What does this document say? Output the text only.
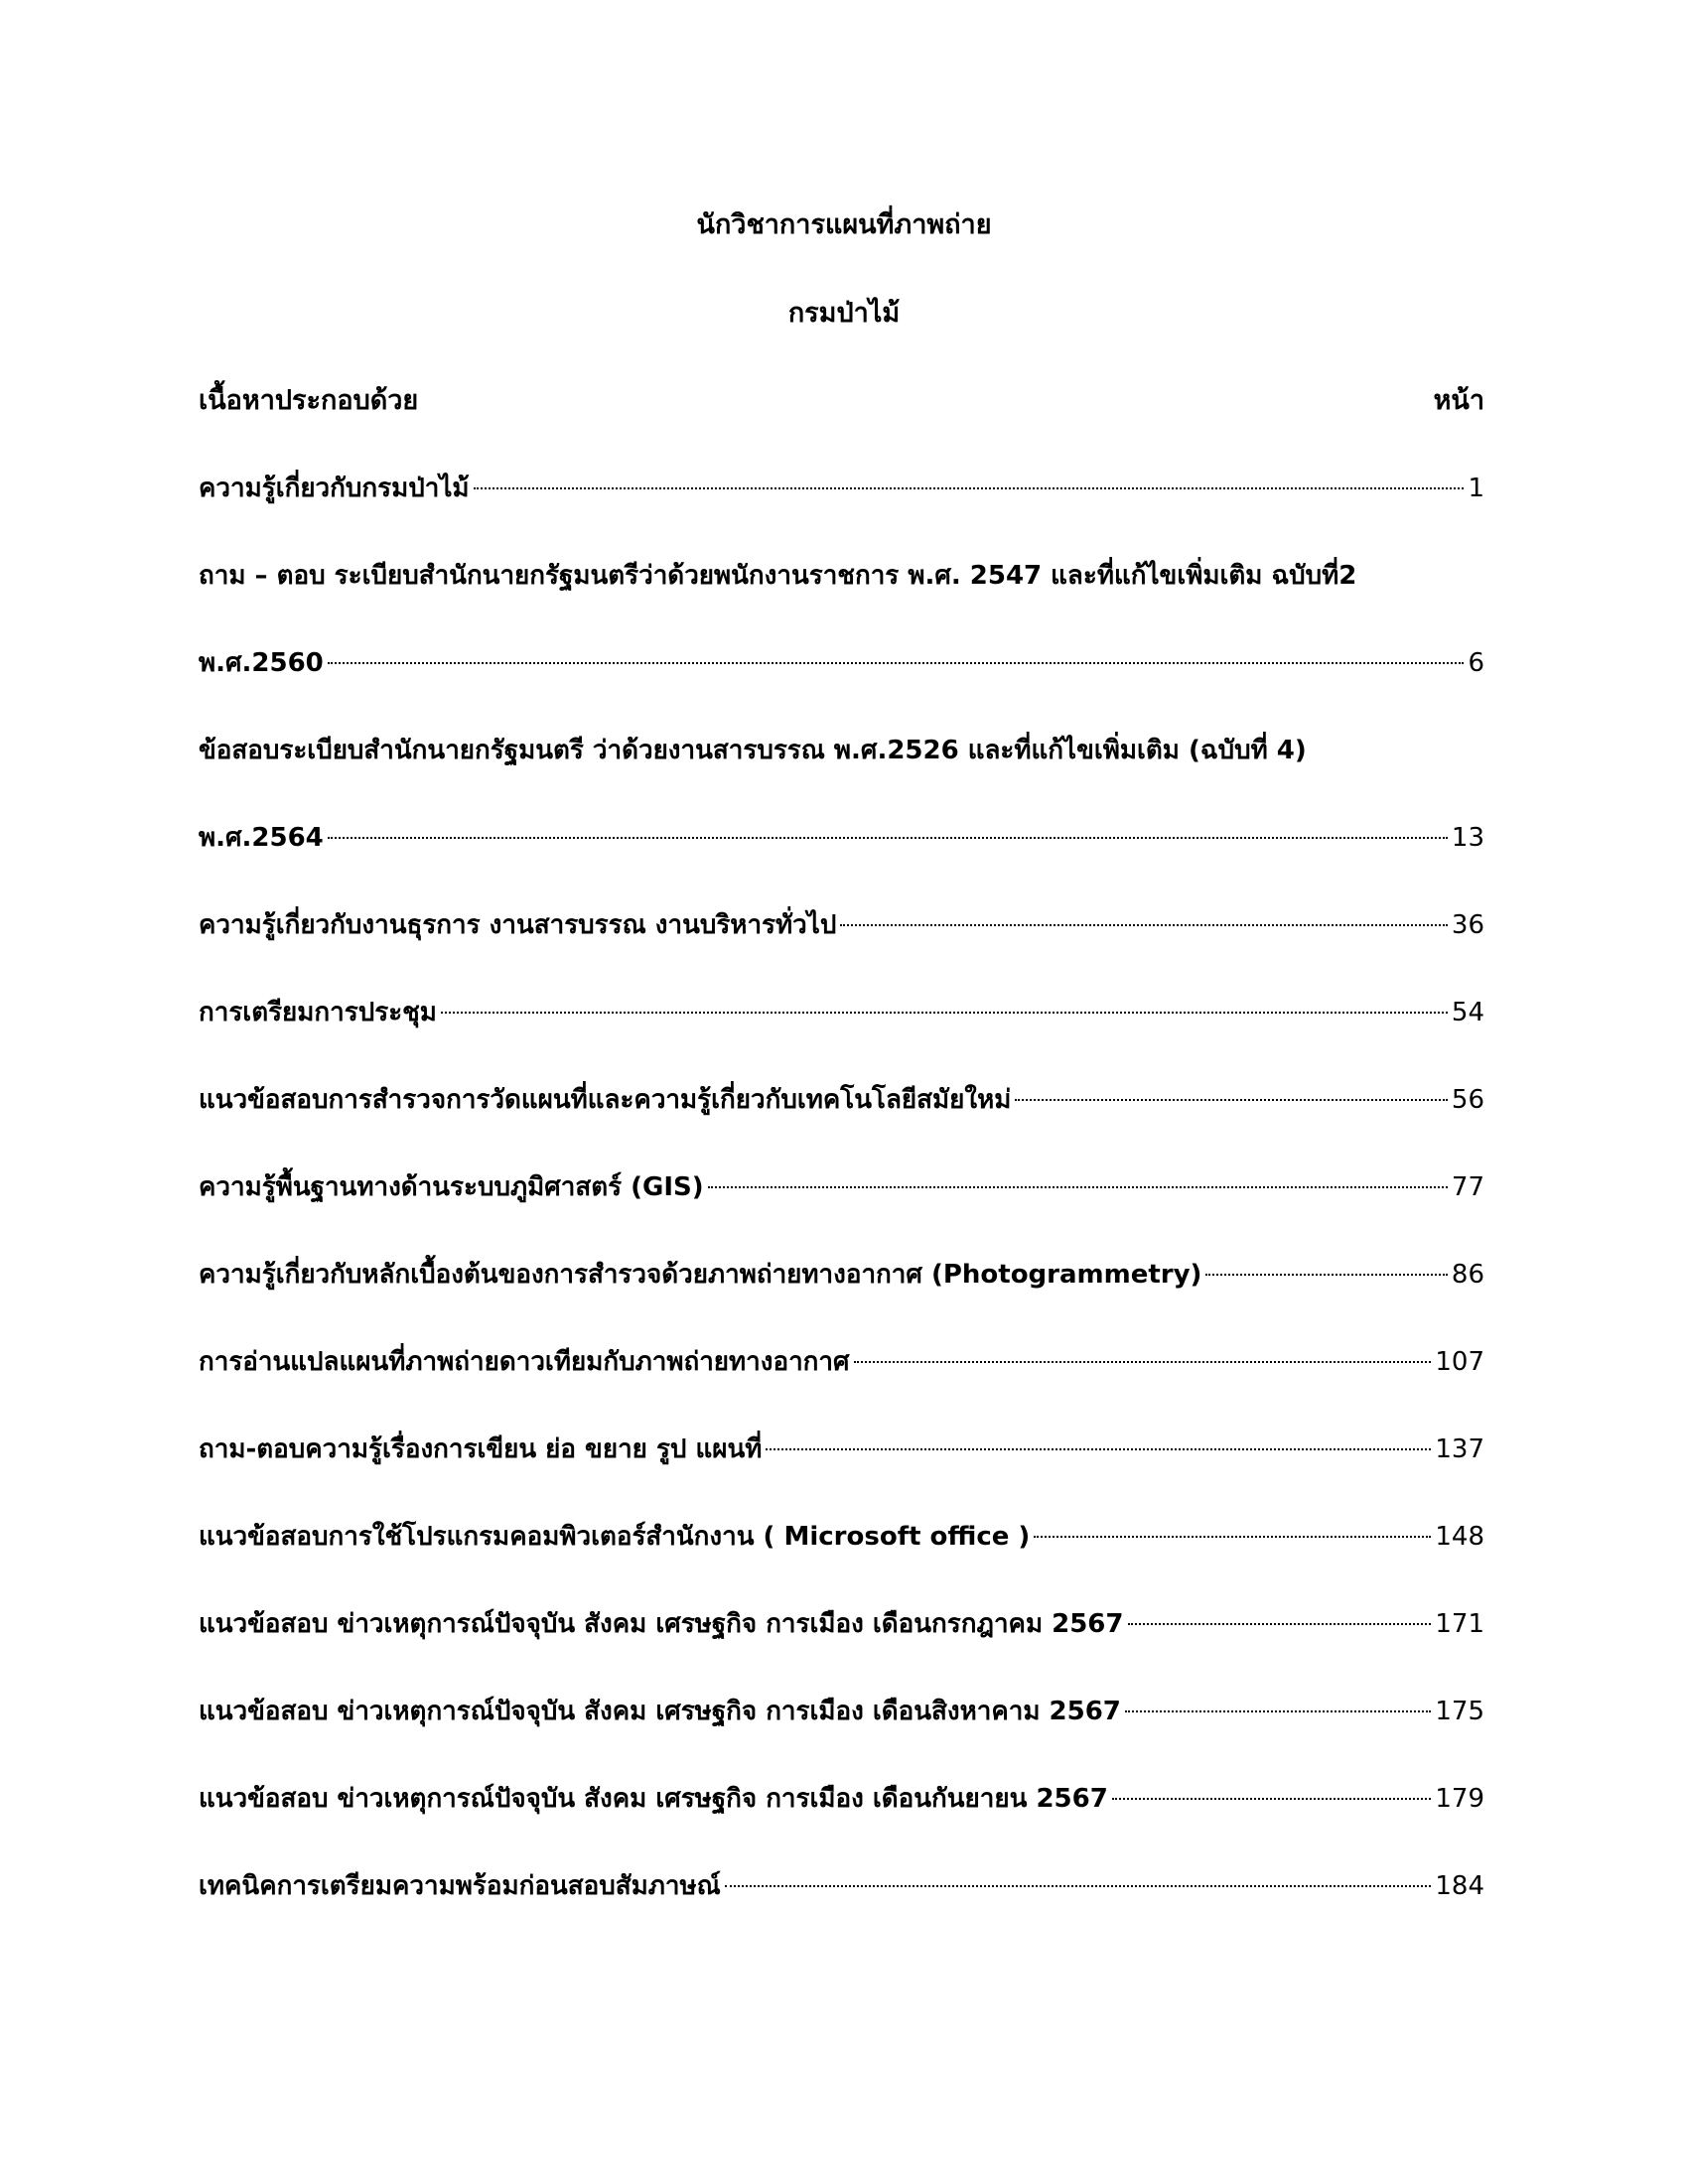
นักวิชาการแผนที่ภาพถ่าย
กรมป่าไม้
เนื้อหาประกอบด้วย	หน้า
ความรู้เกี่ยวกับกรมป่าไม้	1
ถาม – ตอบ ระเบียบสำนักนายกรัฐมนตรีว่าด้วยพนักงานราชการ พ.ศ. 2547 และที่แก้ไขเพิ่มเติม ฉบับที่2
พ.ศ.2560	6
ข้อสอบระเบียบสำนักนายกรัฐมนตรี ว่าด้วยงานสารบรรณ พ.ศ.2526 และที่แก้ไขเพิ่มเติม (ฉบับที่ 4)
พ.ศ.2564	13
ความรู้เกี่ยวกับงานธุรการ งานสารบรรณ งานบริหารทั่วไป	36
การเตรียมการประชุม	54
แนวข้อสอบการสำรวจการวัดแผนที่และความรู้เกี่ยวกับเทคโนโลยีสมัยใหม่	56
ความรู้พื้นฐานทางด้านระบบภูมิศาสตร์ (GIS)	77
ความรู้เกี่ยวกับหลักเบื้องต้นของการสำรวจด้วยภาพถ่ายทางอากาศ (Photogrammetry)	86
การอ่านแปลแผนที่ภาพถ่ายดาวเทียมกับภาพถ่ายทางอากาศ	107
ถาม-ตอบความรู้เรื่องการเขียน ย่อ ขยาย รูป แผนที่	137
แนวข้อสอบการใช้โปรแกรมคอมพิวเตอร์สำนักงาน ( Microsoft office )	148
แนวข้อสอบ ข่าวเหตุการณ์ปัจจุบัน สังคม เศรษฐกิจ การเมือง เดือนกรกฎาคม 2567	171
แนวข้อสอบ ข่าวเหตุการณ์ปัจจุบัน สังคม เศรษฐกิจ การเมือง เดือนสิงหาคาม 2567	175
แนวข้อสอบ ข่าวเหตุการณ์ปัจจุบัน สังคม เศรษฐกิจ การเมือง เดือนกันยายน 2567	179
เทคนิคการเตรียมความพร้อมก่อนสอบสัมภาษณ์	184
